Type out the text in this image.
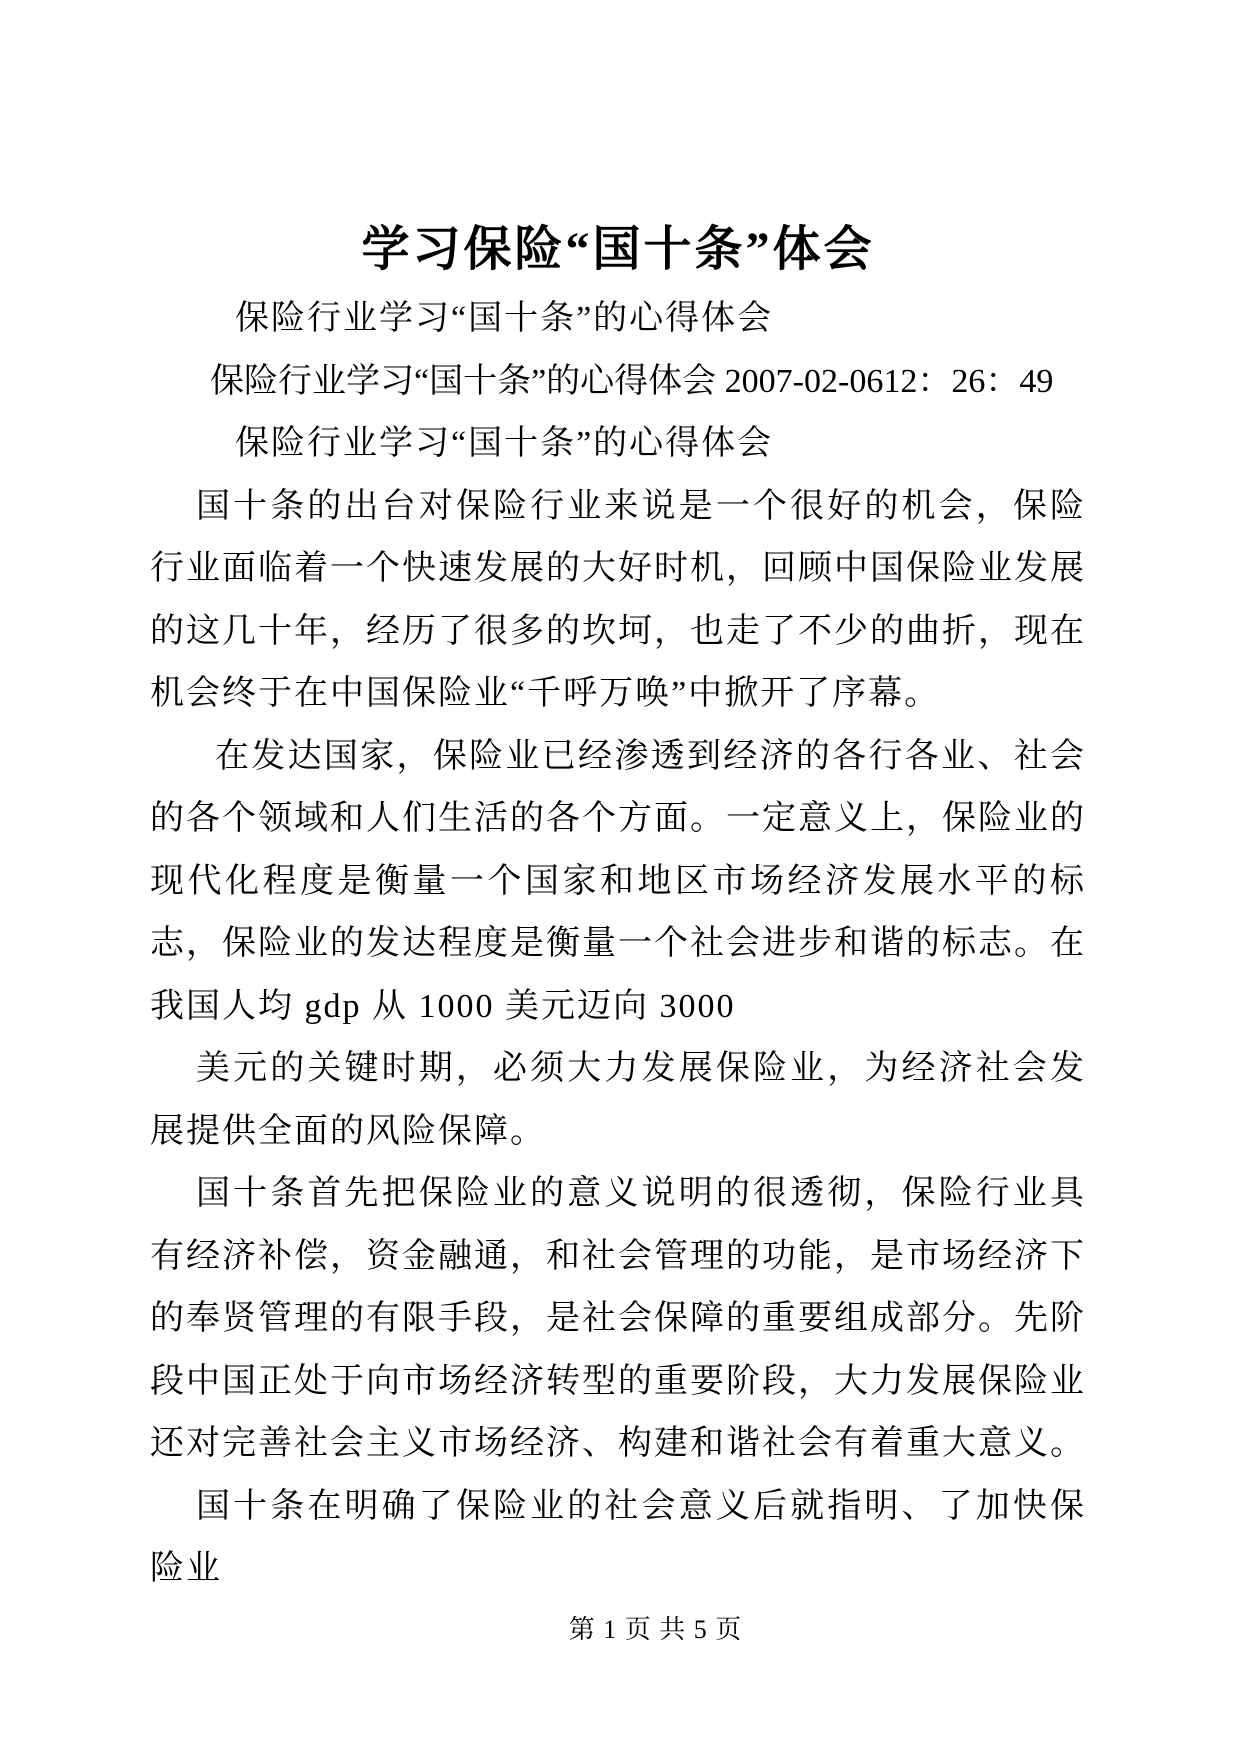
学习保险“国十条”体会

保险行业学习“国十条”的心得体会

保险行业学习“国十条”的心得体会 2007-02-0612：26：49

保险行业学习“国十条”的心得体会

国十条的出台对保险行业来说是一个很好的机会，保险行业面临着一个快速发展的大好时机，回顾中国保险业发展的这几十年，经历了很多的坎坷，也走了不少的曲折，现在机会终于在中国保险业“千呼万唤”中掀开了序幕。

在发达国家，保险业已经渗透到经济的各行各业、社会的各个领域和人们生活的各个方面。一定意义上，保险业的现代化程度是衡量一个国家和地区市场经济发展水平的标志，保险业的发达程度是衡量一个社会进步和谐的标志。在我国人均 gdp 从 1000 美元迈向 3000

美元的关键时期，必须大力发展保险业，为经济社会发展提供全面的风险保障。

国十条首先把保险业的意义说明的很透彻，保险行业具有经济补偿，资金融通，和社会管理的功能，是市场经济下的奉贤管理的有限手段，是社会保障的重要组成部分。先阶段中国正处于向市场经济转型的重要阶段，大力发展保险业还对完善社会主义市场经济、构建和谐社会有着重大意义。

国十条在明确了保险业的社会意义后就指明、了加快保险业

第 1 页 共 5 页
